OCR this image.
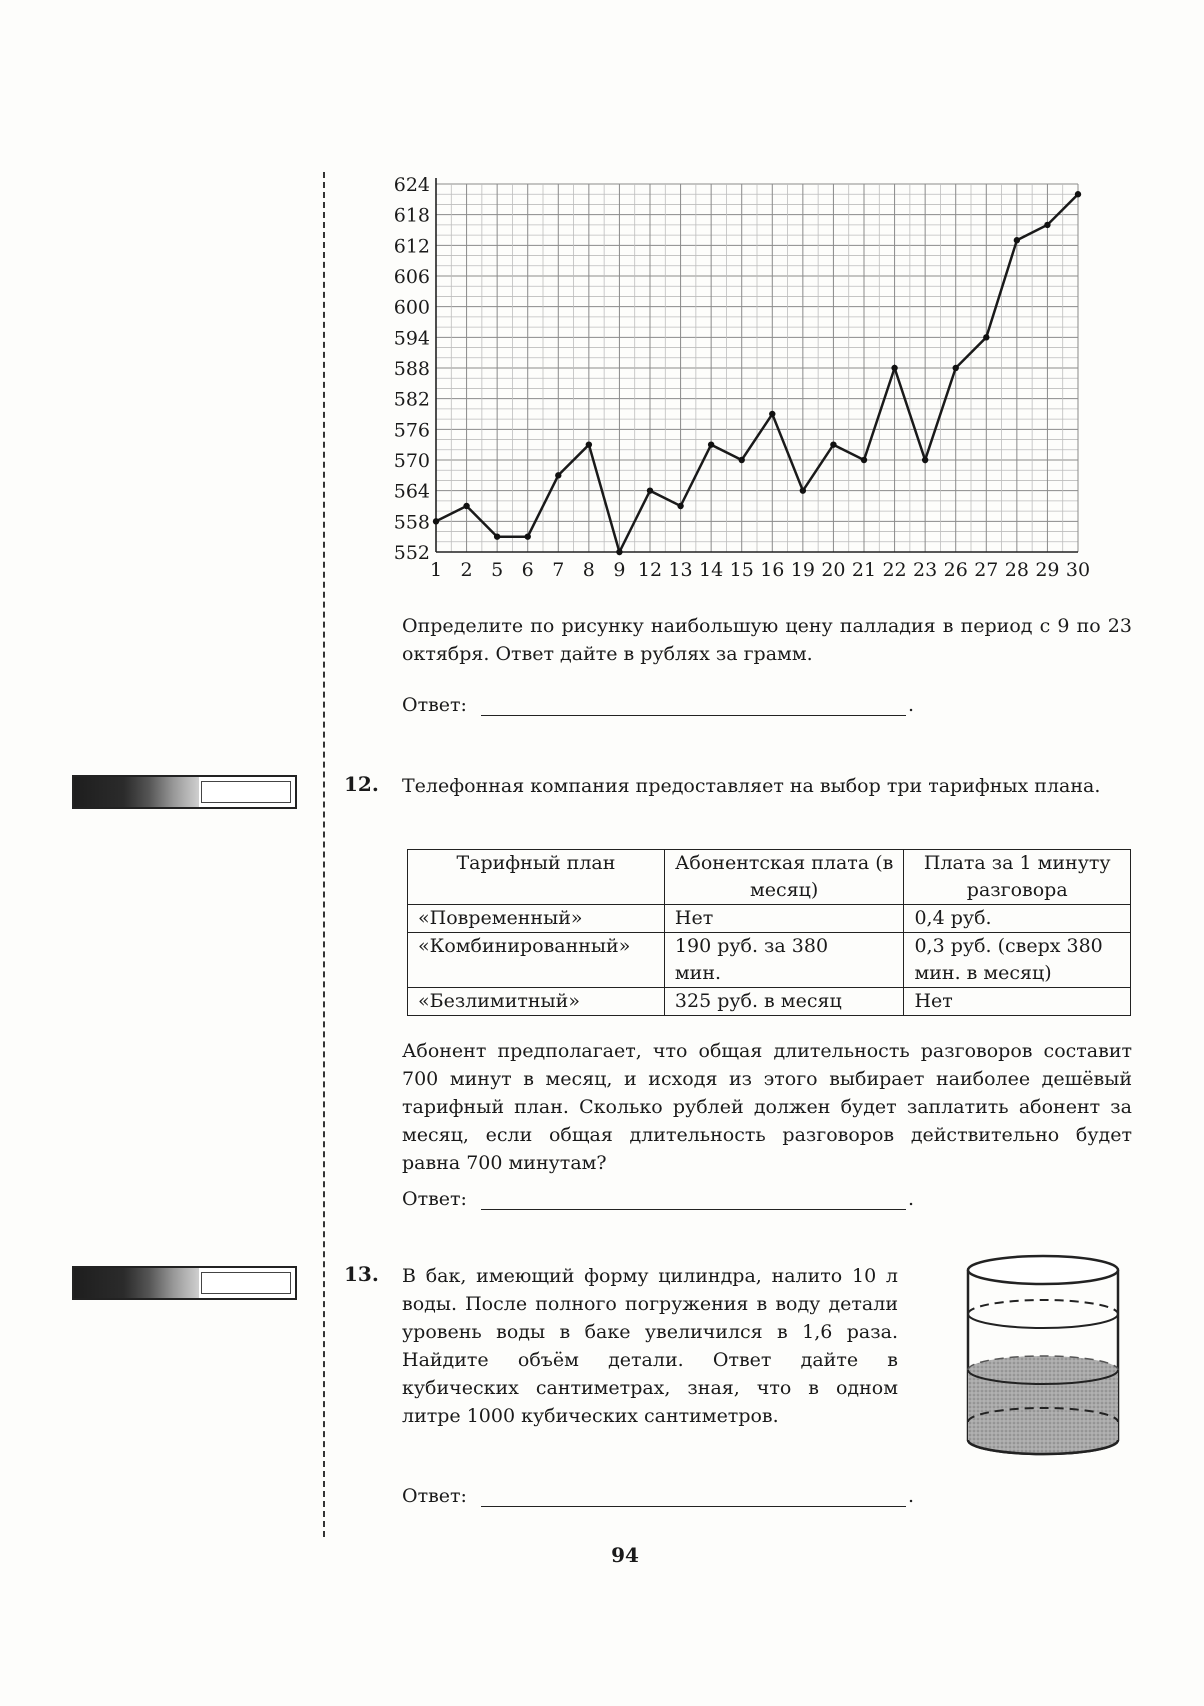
624
618
612
606
600
594
588
582
576
570
564
558
552
1 2 5 6 7 8 9 12 13 14 15 16 19 20 21 22 23 26 27 28 29 30
Определите по рисунку наибольшую цену палладия в период с 9 по 23 октября. Ответ дайте в рублях за грамм.
Ответ:	.
12. Телефонная компания предоставляет на выбор три тарифных плана.
Тарифный план	Абонентская плата (в месяц)	Плата за 1 минуту разговора
«Повременный»	Нет	0,4 руб.
«Комбинированный»	190 руб. за 380 мин.	0,3 руб. (сверх 380 мин. в месяц)
«Безлимитный»	325 руб. в месяц	Нет
Абонент предполагает, что общая длительность разговоров составит 700 минут в месяц, и исходя из этого выбирает наиболее дешёвый тарифный план. Сколько рублей должен будет заплатить абонент за месяц, если общая длительность разговоров действительно будет равна 700 минутам?
Ответ:	.
13. В бак, имеющий форму цилиндра, налито 10 л воды. После полного погружения в воду детали уровень воды в баке увеличился в 1,6 раза. Найдите объём детали. Ответ дайте в кубических сантиметрах, зная, что в одном литре 1000 кубических сантиметров.
Ответ:	.
94
